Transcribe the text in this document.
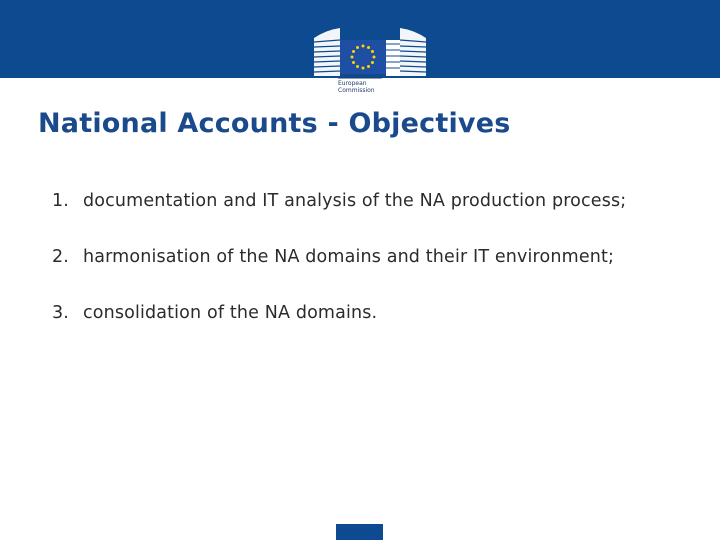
European
Commission
National Accounts - Objectives
1. documentation and IT analysis of the NA production process;
2. harmonisation of the NA domains and their IT environment;
3. consolidation of the NA domains.
